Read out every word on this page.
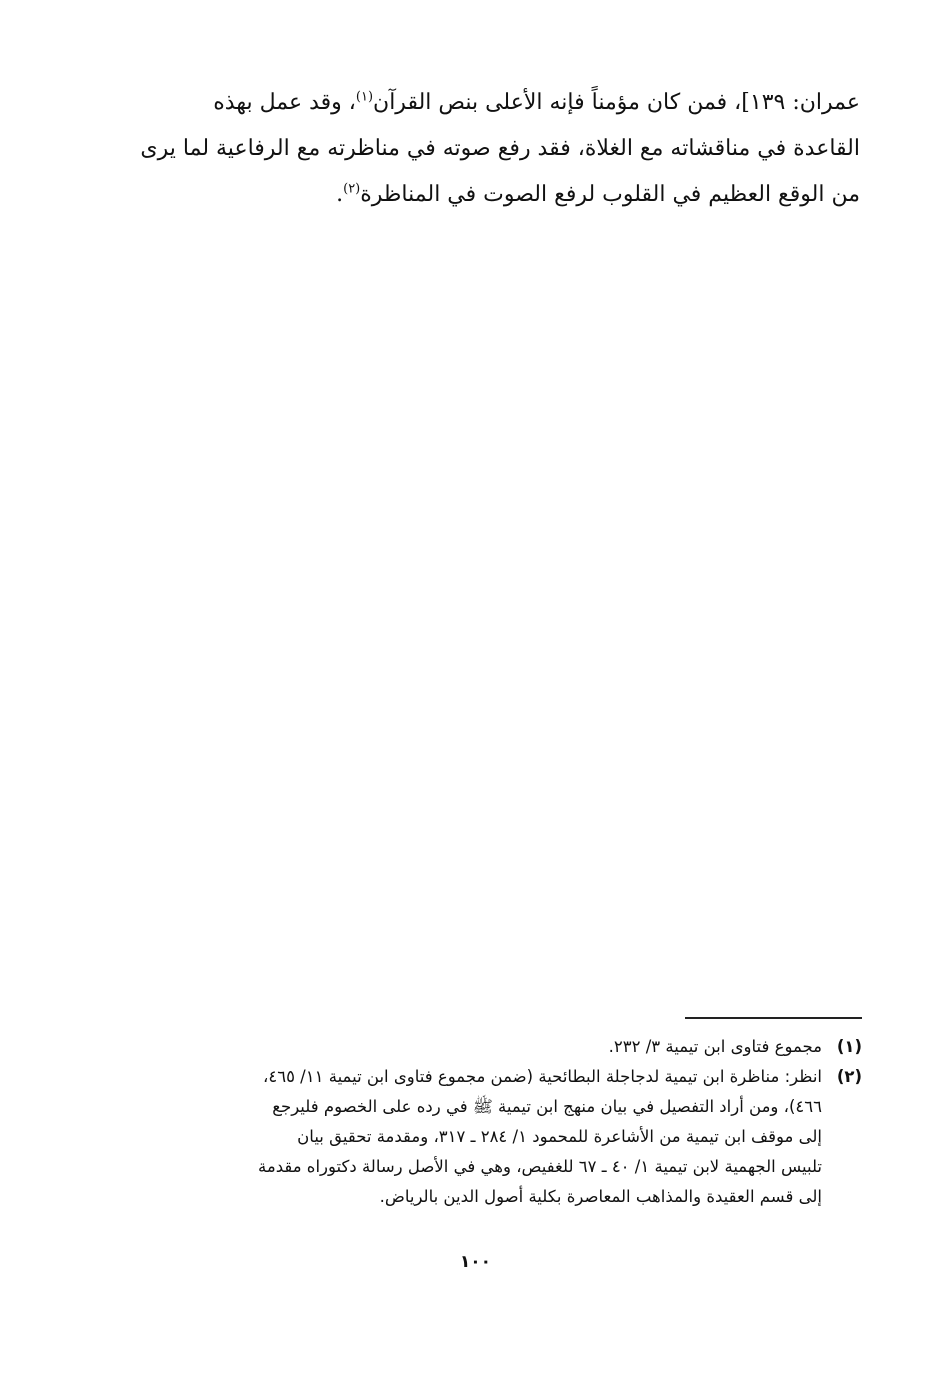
عمران: ١٣٩]، فمن كان مؤمناً فإنه الأعلى بنص القرآن$^{(١)}$، وقد عمل بهذه
القاعدة في مناقشاته مع الغلاة، فقد رفع صوته في مناظرته مع الرفاعية لما يرى
من الوقع العظيم في القلوب لرفع الصوت في المناظرة$^{(٢)}$.
(١)
مجموع فتاوى ابن تيمية ٣/ ٢٣٢.
(٢)
انظر: مناظرة ابن تيمية لدجاجلة البطائحية (ضمن مجموع فتاوى ابن تيمية ١١/ ٤٦٥،
٤٦٦)، ومن أراد التفصيل في بيان منهج ابن تيمية ﷺ في رده على الخصوم فليرجع
إلى موقف ابن تيمية من الأشاعرة للمحمود ١/ ٢٨٤ ـ ٣١٧، ومقدمة تحقيق بيان
تلبيس الجهمية لابن تيمية ١/ ٤٠ ـ ٦٧ للغفيص، وهي في الأصل رسالة دكتوراه مقدمة
إلى قسم العقيدة والمذاهب المعاصرة بكلية أصول الدين بالرياض.
١٠٠
